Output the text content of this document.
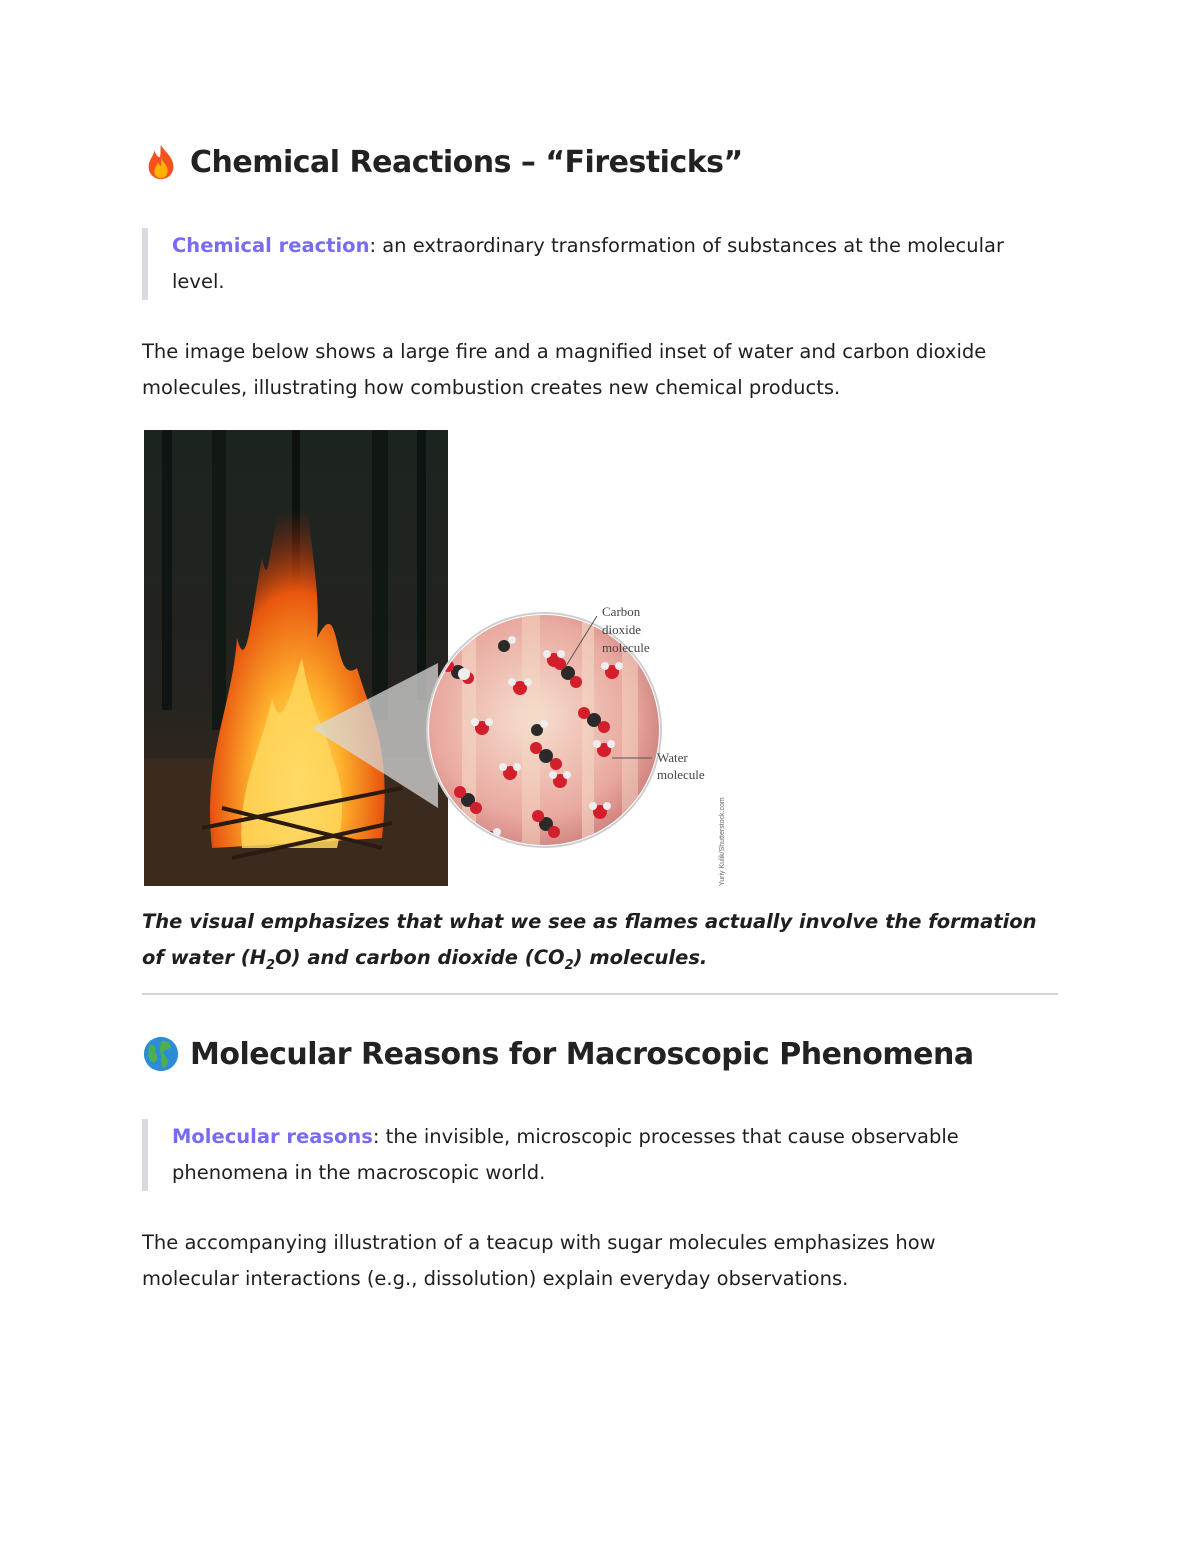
Chemical Reactions – “Firesticks”
Chemical reaction: an extraordinary transformation of substances at the molecular level.

The image below shows a large fire and a magnified inset of water and carbon dioxide molecules, illustrating how combustion creates new chemical products.

Carbon dioxide molecule
Water molecule
Yuriy Kulik/Shutterstock.com

The visual emphasizes that what we see as flames actually involve the formation of water $(H_2O)$ and carbon dioxide $(CO_2)$ molecules.

Molecular Reasons for Macroscopic Phenomena
Molecular reasons: the invisible, microscopic processes that cause observable phenomena in the macroscopic world.

The accompanying illustration of a teacup with sugar molecules emphasizes how molecular interactions (e.g., dissolution) explain everyday observations.
